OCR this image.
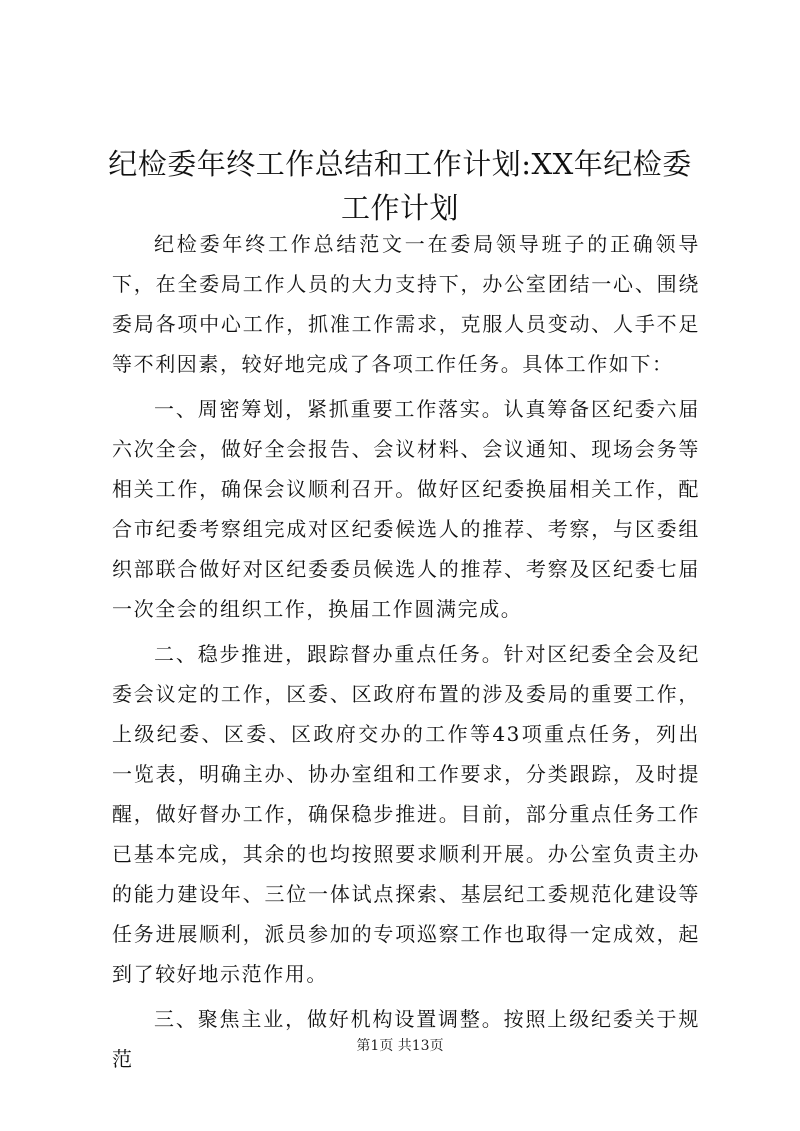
纪检委年终工作总结和工作计划:XX年纪检委工作计划

纪检委年终工作总结范文一在委局领导班子的正确领导下，在全委局工作人员的大力支持下，办公室团结一心、围绕委局各项中心工作，抓准工作需求，克服人员变动、人手不足等不利因素，较好地完成了各项工作任务。具体工作如下：

一、周密筹划，紧抓重要工作落实。认真筹备区纪委六届六次全会，做好全会报告、会议材料、会议通知、现场会务等相关工作，确保会议顺利召开。做好区纪委换届相关工作，配合市纪委考察组完成对区纪委候选人的推荐、考察，与区委组织部联合做好对区纪委委员候选人的推荐、考察及区纪委七届一次全会的组织工作，换届工作圆满完成。

二、稳步推进，跟踪督办重点任务。针对区纪委全会及纪委会议定的工作，区委、区政府布置的涉及委局的重要工作，上级纪委、区委、区政府交办的工作等43项重点任务，列出一览表，明确主办、协办室组和工作要求，分类跟踪，及时提醒，做好督办工作，确保稳步推进。目前，部分重点任务工作已基本完成，其余的也均按照要求顺利开展。办公室负责主办的能力建设年、三位一体试点探索、基层纪工委规范化建设等任务进展顺利，派员参加的专项巡察工作也取得一定成效，起到了较好地示范作用。

三、聚焦主业，做好机构设置调整。按照上级纪委关于规范

第1页 共13页
